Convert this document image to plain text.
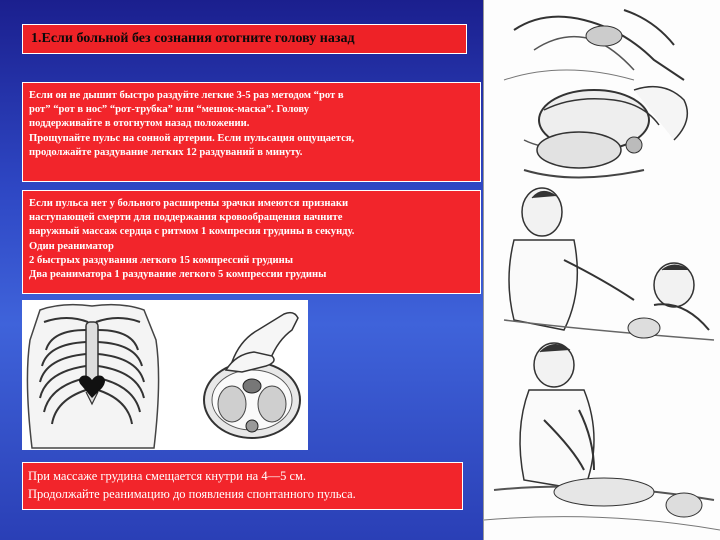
1.Если больной без сознания отогните голову назад
Если он не дышит быстро раздуйте легкие 3-5 раз методом “рот в
рот” “рот в нос” “рот-трубка” или “мешок-маска”. Голову
поддерживайте в отогнутом назад положении.
Прощупайте пульс на сонной артерии. Если пульсация ощущается,
продолжайте раздувание легких 12 раздуваний в минуту.
Если пульса нет у больного расширены зрачки имеются признаки
наступающей смерти для поддержания кровообращения начните
наружный массаж сердца с ритмом 1 компресия грудины в секунду.
Один реаниматор
2 быстрых раздувания легкого 15 компрессий грудины
Два реаниматора 1 раздувание легкого 5 компрессии грудины
При массаже грудина смещается кнутри на 4—5 см.
Продолжайте реанимацию до появления спонтанного пульса.
